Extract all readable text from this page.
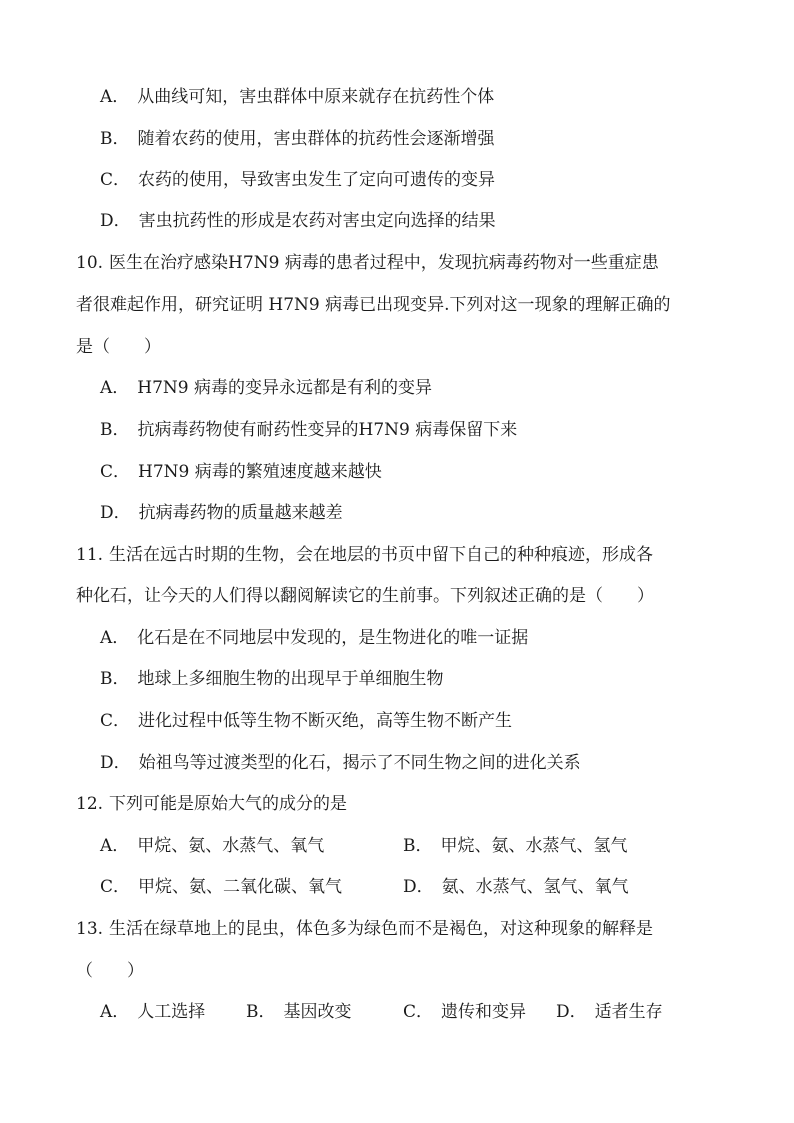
A． 从曲线可知，害虫群体中原来就存在抗药性个体
B． 随着农药的使用，害虫群体的抗药性会逐渐增强
C． 农药的使用，导致害虫发生了定向可遗传的变异
D． 害虫抗药性的形成是农药对害虫定向选择的结果
10. 医生在治疗感染H7N9 病毒的患者过程中，发现抗病毒药物对一些重症患
者很难起作用，研究证明 H7N9 病毒已出现变异.下列对这一现象的理解正确的
是（　　）
A． H7N9 病毒的变异永远都是有利的变异
B． 抗病毒药物使有耐药性变异的H7N9 病毒保留下来
C． H7N9 病毒的繁殖速度越来越快
D． 抗病毒药物的质量越来越差
11. 生活在远古时期的生物，会在地层的书页中留下自己的种种痕迹，形成各
种化石，让今天的人们得以翻阅解读它的生前事。下列叙述正确的是（　　）
A． 化石是在不同地层中发现的，是生物进化的唯一证据
B． 地球上多细胞生物的出现早于单细胞生物
C． 进化过程中低等生物不断灭绝，高等生物不断产生
D． 始祖鸟等过渡类型的化石，揭示了不同生物之间的进化关系
12. 下列可能是原始大气的成分的是
A． 甲烷、氨、水蒸气、氧气	B． 甲烷、氨、水蒸气、氢气
C． 甲烷、氨、二氧化碳、氧气	D． 氨、水蒸气、氢气、氧气
13. 生活在绿草地上的昆虫，体色多为绿色而不是褐色，对这种现象的解释是
（　　）
A． 人工选择 B． 基因改变	C． 遗传和变异 D． 适者生存
